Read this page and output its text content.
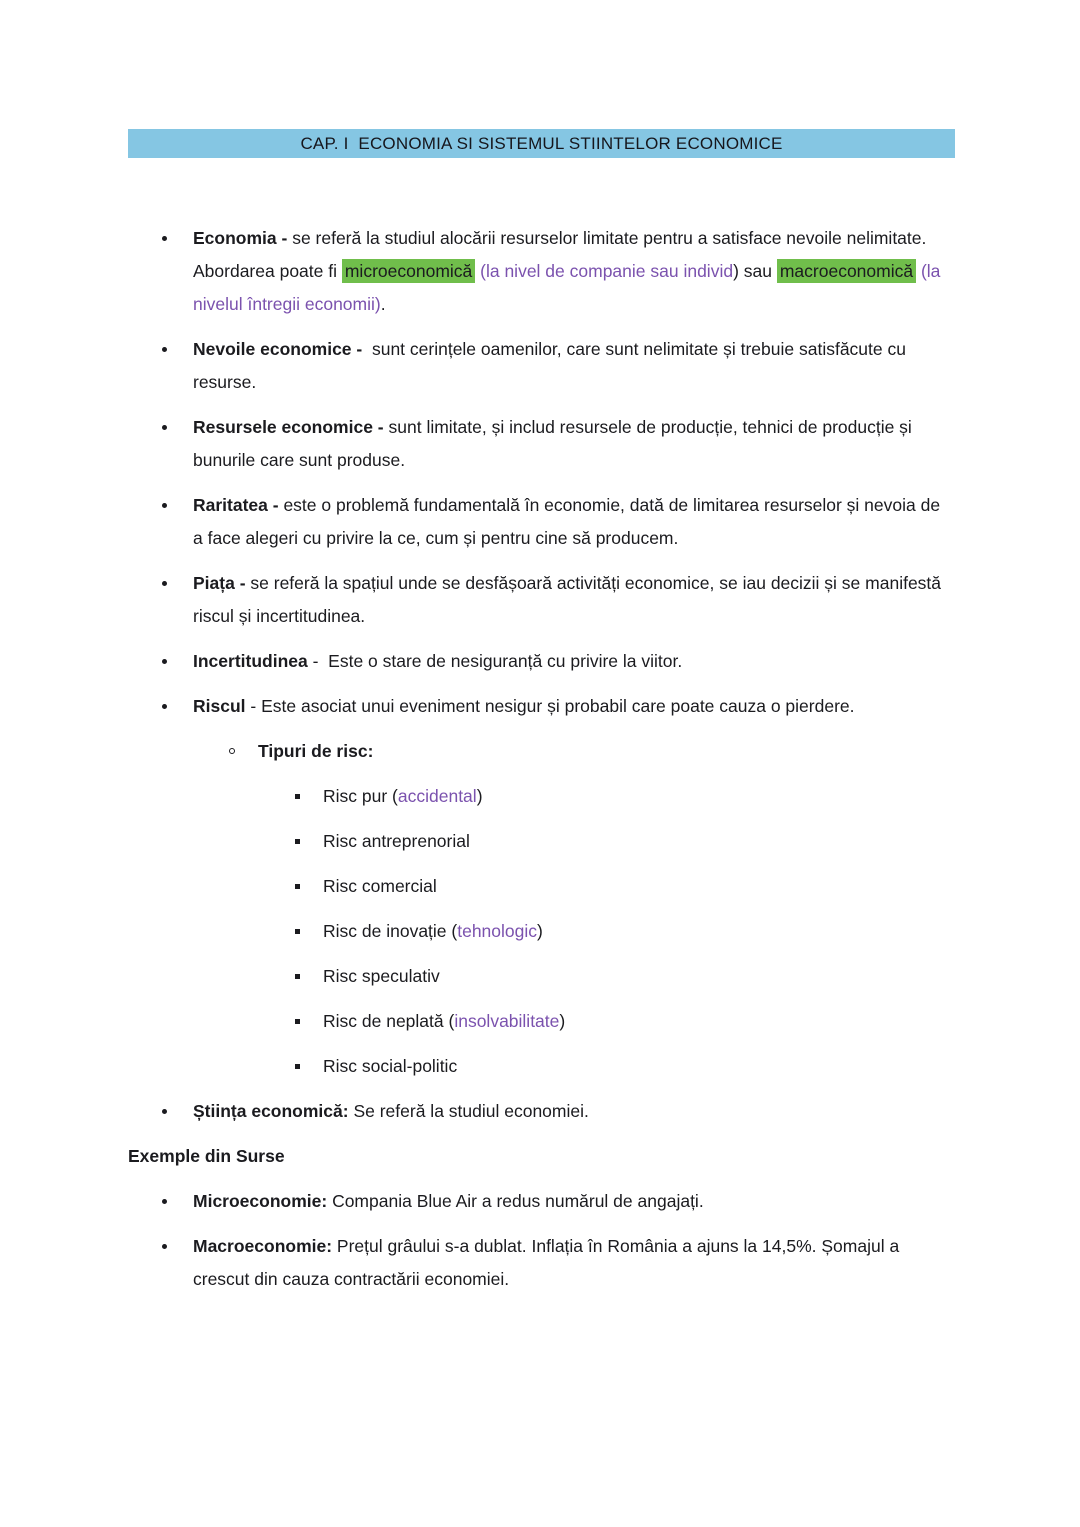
CAP. I  ECONOMIA SI SISTEMUL STIINTELOR ECONOMICE
Economia - se referă la studiul alocării resurselor limitate pentru a satisface nevoile nelimitate. Abordarea poate fi microeconomică (la nivel de companie sau individ) sau macroeconomică (la nivelul întregii economii).
Nevoile economice -  sunt cerințele oamenilor, care sunt nelimitate și trebuie satisfăcute cu resurse.
Resursele economice - sunt limitate, și includ resursele de producție, tehnici de producție și bunurile care sunt produse.
Raritatea - este o problemă fundamentală în economie, dată de limitarea resurselor și nevoia de a face alegeri cu privire la ce, cum și pentru cine să producem.
Piața - se referă la spațiul unde se desfășoară activități economice, se iau decizii și se manifestă riscul și incertitudinea.
Incertitudinea -  Este o stare de nesiguranță cu privire la viitor.
Riscul - Este asociat unui eveniment nesigur și probabil care poate cauza o pierdere.
Tipuri de risc:
Risc pur (accidental)
Risc antreprenorial
Risc comercial
Risc de inovație (tehnologic)
Risc speculativ
Risc de neplată (insolvabilitate)
Risc social-politic
Știința economică: Se referă la studiul economiei.
Exemple din Surse
Microeconomie: Compania Blue Air a redus numărul de angajați.
Macroeconomie: Prețul grâului s-a dublat. Inflația în România a ajuns la 14,5%. Șomajul a crescut din cauza contractării economiei.
